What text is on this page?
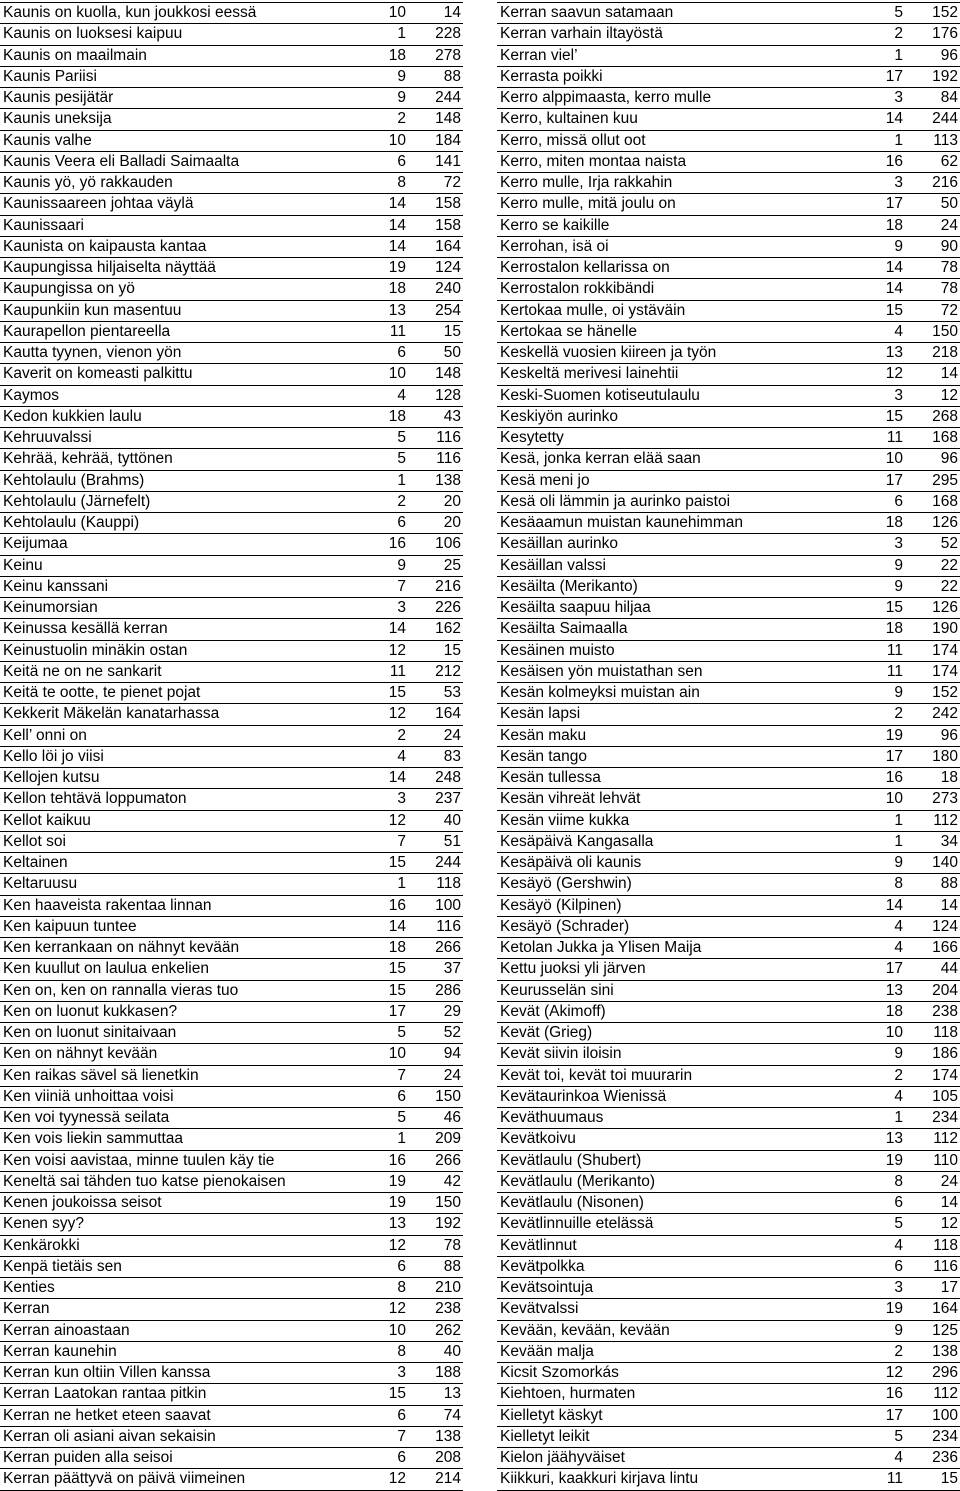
Kaunis on kuolla, kun joukkosi eessä	10	14
Kaunis on luoksesi kaipuu	1	228
Kaunis on maailmain	18	278
Kaunis Pariisi	9	88
Kaunis pesijätär	9	244
Kaunis uneksija	2	148
Kaunis valhe	10	184
Kaunis Veera eli Balladi Saimaalta	6	141
Kaunis yö, yö rakkauden	8	72
Kaunissaareen johtaa väylä	14	158
Kaunissaari	14	158
Kaunista on kaipausta kantaa	14	164
Kaupungissa hiljaiselta näyttää	19	124
Kaupungissa on yö	18	240
Kaupunkiin kun masentuu	13	254
Kaurapellon pientareella	11	15
Kautta tyynen, vienon yön	6	50
Kaverit on komeasti palkittu	10	148
Kaymos	4	128
Kedon kukkien laulu	18	43
Kehruuvalssi	5	116
Kehrää, kehrää, tyttönen	5	116
Kehtolaulu (Brahms)	1	138
Kehtolaulu (Järnefelt)	2	20
Kehtolaulu (Kauppi)	6	20
Keijumaa	16	106
Keinu	9	25
Keinu kanssani	7	216
Keinumorsian	3	226
Keinussa kesällä kerran	14	162
Keinustuolin minäkin ostan	12	15
Keitä ne on ne sankarit	11	212
Keitä te ootte, te pienet pojat	15	53
Kekkerit Mäkelän kanatarhassa	12	164
Kell’ onni on	2	24
Kello löi jo viisi	4	83
Kellojen kutsu	14	248
Kellon tehtävä loppumaton	3	237
Kellot kaikuu	12	40
Kellot soi	7	51
Keltainen	15	244
Keltaruusu	1	118
Ken haaveista rakentaa linnan	16	100
Ken kaipuun tuntee	14	116
Ken kerrankaan on nähnyt kevään	18	266
Ken kuullut on laulua enkelien	15	37
Ken on, ken on rannalla vieras tuo	15	286
Ken on luonut kukkasen?	17	29
Ken on luonut sinitaivaan	5	52
Ken on nähnyt kevään	10	94
Ken raikas sävel sä lienetkin	7	24
Ken viiniä unhoittaa voisi	6	150
Ken voi tyynessä seilata	5	46
Ken vois liekin sammuttaa	1	209
Ken voisi aavistaa, minne tuulen käy tie	16	266
Keneltä sai tähden tuo katse pienokaisen	19	42
Kenen joukoissa seisot	19	150
Kenen syy?	13	192
Kenkärokki	12	78
Kenpä tietäis sen	6	88
Kenties	8	210
Kerran	12	238
Kerran ainoastaan	10	262
Kerran kaunehin	8	40
Kerran kun oltiin Villen kanssa	3	188
Kerran Laatokan rantaa pitkin	15	13
Kerran ne hetket eteen saavat	6	74
Kerran oli asiani aivan sekaisin	7	138
Kerran puiden alla seisoi	6	208
Kerran päättyvä on päivä viimeinen	12	214
Kerran saavun satamaan	5	152
Kerran varhain iltayöstä	2	176
Kerran viel’	1	96
Kerrasta poikki	17	192
Kerro alppimaasta, kerro mulle	3	84
Kerro, kultainen kuu	14	244
Kerro, missä ollut oot	1	113
Kerro, miten montaa naista	16	62
Kerro mulle, Irja rakkahin	3	216
Kerro mulle, mitä joulu on	17	50
Kerro se kaikille	18	24
Kerrohan, isä oi	9	90
Kerrostalon kellarissa on	14	78
Kerrostalon rokkibändi	14	78
Kertokaa mulle, oi ystäväin	15	72
Kertokaa se hänelle	4	150
Keskellä vuosien kiireen ja työn	13	218
Keskeltä merivesi lainehtii	12	14
Keski-Suomen kotiseutulaulu	3	12
Keskiyön aurinko	15	268
Kesytetty	11	168
Kesä, jonka kerran elää saan	10	96
Kesä meni jo	17	295
Kesä oli lämmin ja aurinko paistoi	6	168
Kesäaamun muistan kaunehimman	18	126
Kesäillan aurinko	3	52
Kesäillan valssi	9	22
Kesäilta (Merikanto)	9	22
Kesäilta saapuu hiljaa	15	126
Kesäilta Saimaalla	18	190
Kesäinen muisto	11	174
Kesäisen yön muistathan sen	11	174
Kesän kolmeyksi muistan ain	9	152
Kesän lapsi	2	242
Kesän maku	19	96
Kesän tango	17	180
Kesän tullessa	16	18
Kesän vihreät lehvät	10	273
Kesän viime kukka	1	112
Kesäpäivä Kangasalla	1	34
Kesäpäivä oli kaunis	9	140
Kesäyö (Gershwin)	8	88
Kesäyö (Kilpinen)	14	14
Kesäyö (Schrader)	4	124
Ketolan Jukka ja Ylisen Maija	4	166
Kettu juoksi yli järven	17	44
Keurusselän sini	13	204
Kevät (Akimoff)	18	238
Kevät (Grieg)	10	118
Kevät siivin iloisin	9	186
Kevät toi, kevät toi muurarin	2	174
Kevätaurinkoa Wienissä	4	105
Keväthuumaus	1	234
Kevätkoivu	13	112
Kevätlaulu (Shubert)	19	110
Kevätlaulu (Merikanto)	8	24
Kevätlaulu (Nisonen)	6	14
Kevätlinnuille etelässä	5	12
Kevätlinnut	4	118
Kevätpolkka	6	116
Kevätsointuja	3	17
Kevätvalssi	19	164
Kevään, kevään, kevään	9	125
Kevään malja	2	138
Kicsit Szomorkás	12	296
Kiehtoen, hurmaten	16	112
Kielletyt käskyt	17	100
Kielletyt leikit	5	234
Kielon jäähyväiset	4	236
Kiikkuri, kaakkuri kirjava lintu	11	15
